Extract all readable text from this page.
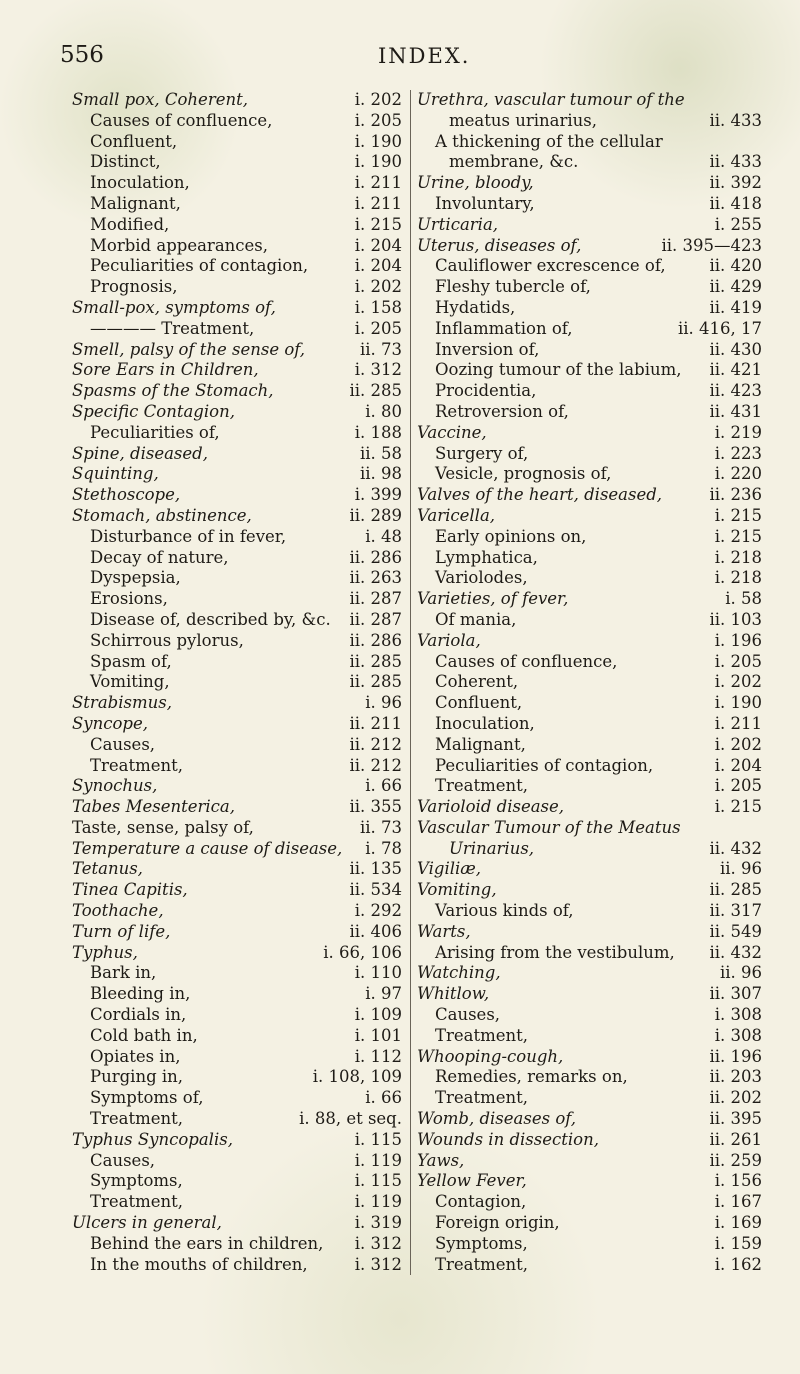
556	INDEX.
Small pox, Coherent,	i. 202
Causes of confluence,	i. 205
Confluent,	i. 190
Distinct,	i. 190
Inoculation,	i. 211
Malignant,	i. 211
Modified,	i. 215
Morbid appearances,	i. 204
Peculiarities of contagion,	i. 204
Prognosis,	i. 202
Small-pox, symptoms of,	i. 158
———— Treatment,	i. 205
Smell, palsy of the sense of,	ii. 73
Sore Ears in Children,	i. 312
Spasms of the Stomach,	ii. 285
Specific Contagion,	i. 80
Peculiarities of,	i. 188
Spine, diseased,	ii. 58
Squinting,	ii. 98
Stethoscope,	i. 399
Stomach, abstinence,	ii. 289
Disturbance of in fever,	i. 48
Decay of nature,	ii. 286
Dyspepsia,	ii. 263
Erosions,	ii. 287
Disease of, described by, &c. ii. 287
Schirrous pylorus,	ii. 286
Spasm of,	ii. 285
Vomiting,	ii. 285
Strabismus,	i. 96
Syncope,	ii. 211
Causes,	ii. 212
Treatment,	ii. 212
Synochus,	i. 66
Tabes Mesenterica,	ii. 355
Taste, sense, palsy of,	ii. 73
Temperature a cause of disease, i. 78
Tetanus,	ii. 135
Tinea Capitis,	ii. 534
Toothache,	i. 292
Turn of life,	ii. 406
Typhus,	i. 66, 106
Bark in,	i. 110
Bleeding in,	i. 97
Cordials in,	i. 109
Cold bath in,	i. 101
Opiates in,	i. 112
Purging in,	i. 108, 109
Symptoms of,	i. 66
Treatment,	i. 88, et seq.
Typhus Syncopalis,	i. 115
Causes,	i. 119
Symptoms,	i. 115
Treatment,	i. 119
Ulcers in general,	i. 319
Behind the ears in children, i. 312
In the mouths of children,	i. 312
Urethra, vascular tumour of the
meatus urinarius,	ii. 433
A thickening of the cellular
membrane, &c.	ii. 433
Urine, bloody,	ii. 392
Involuntary,	ii. 418
Urticaria,	i. 255
Uterus, diseases of,	ii. 395—423
Cauliflower excrescence of,	ii. 420
Fleshy tubercle of,	ii. 429
Hydatids,	ii. 419
Inflammation of,	ii. 416, 17
Inversion of,	ii. 430
Oozing tumour of the labium, ii. 421
Procidentia,	ii. 423
Retroversion of,	ii. 431
Vaccine,	i. 219
Surgery of,	i. 223
Vesicle, prognosis of,	i. 220
Valves of the heart, diseased,	ii. 236
Varicella,	i. 215
Early opinions on,	i. 215
Lymphatica,	i. 218
Variolodes,	i. 218
Varieties, of fever,	i. 58
Of mania,	ii. 103
Variola,	i. 196
Causes of confluence,	i. 205
Coherent,	i. 202
Confluent,	i. 190
Inoculation,	i. 211
Malignant,	i. 202
Peculiarities of contagion,	i. 204
Treatment,	i. 205
Varioloid disease,	i. 215
Vascular Tumour of the Meatus
Urinarius,	ii. 432
Vigiliæ,	ii. 96
Vomiting,	ii. 285
Various kinds of,	ii. 317
Warts,	ii. 549
Arising from the vestibulum, ii. 432
Watching,	ii. 96
Whitlow,	ii. 307
Causes,	i. 308
Treatment,	i. 308
Whooping-cough,	ii. 196
Remedies, remarks on,	ii. 203
Treatment,	ii. 202
Womb, diseases of,	ii. 395
Wounds in dissection,	ii. 261
Yaws,	ii. 259
Yellow Fever,	i. 156
Contagion,	i. 167
Foreign origin,	i. 169
Symptoms,	i. 159
Treatment,	i. 162
